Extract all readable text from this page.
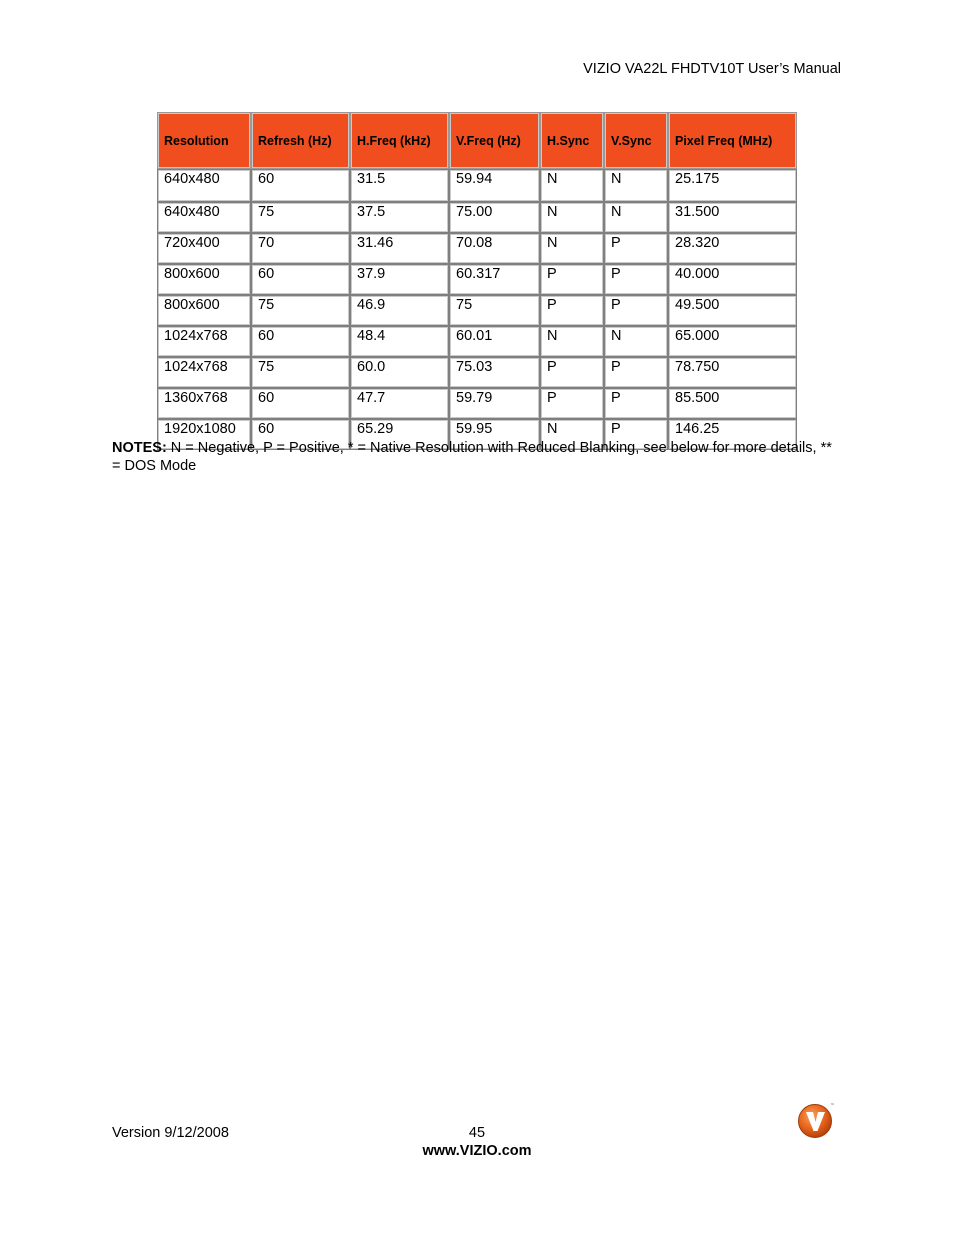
VIZIO VA22L FHDTV10T User’s Manual
Resolution	Refresh (Hz)	H.Freq (kHz)	V.Freq (Hz)	H.Sync	V.Sync	Pixel Freq (MHz)
640x480	60	31.5	59.94	N	N	25.175
640x480	75	37.5	75.00	N	N	31.500
720x400	70	31.46	70.08	N	P	28.320
800x600	60	37.9	60.317	P	P	40.000
800x600	75	46.9	75	P	P	49.500
1024x768	60	48.4	60.01	N	N	65.000
1024x768	75	60.0	75.03	P	P	78.750
1360x768	60	47.7	59.79	P	P	85.500
1920x1080	60	65.29	59.95	N	P	146.25
NOTES: N = Negative, P = Positive, * = Native Resolution with Reduced Blanking, see below for more details, ** = DOS Mode
Version 9/12/2008	45
www.VIZIO.com
™
